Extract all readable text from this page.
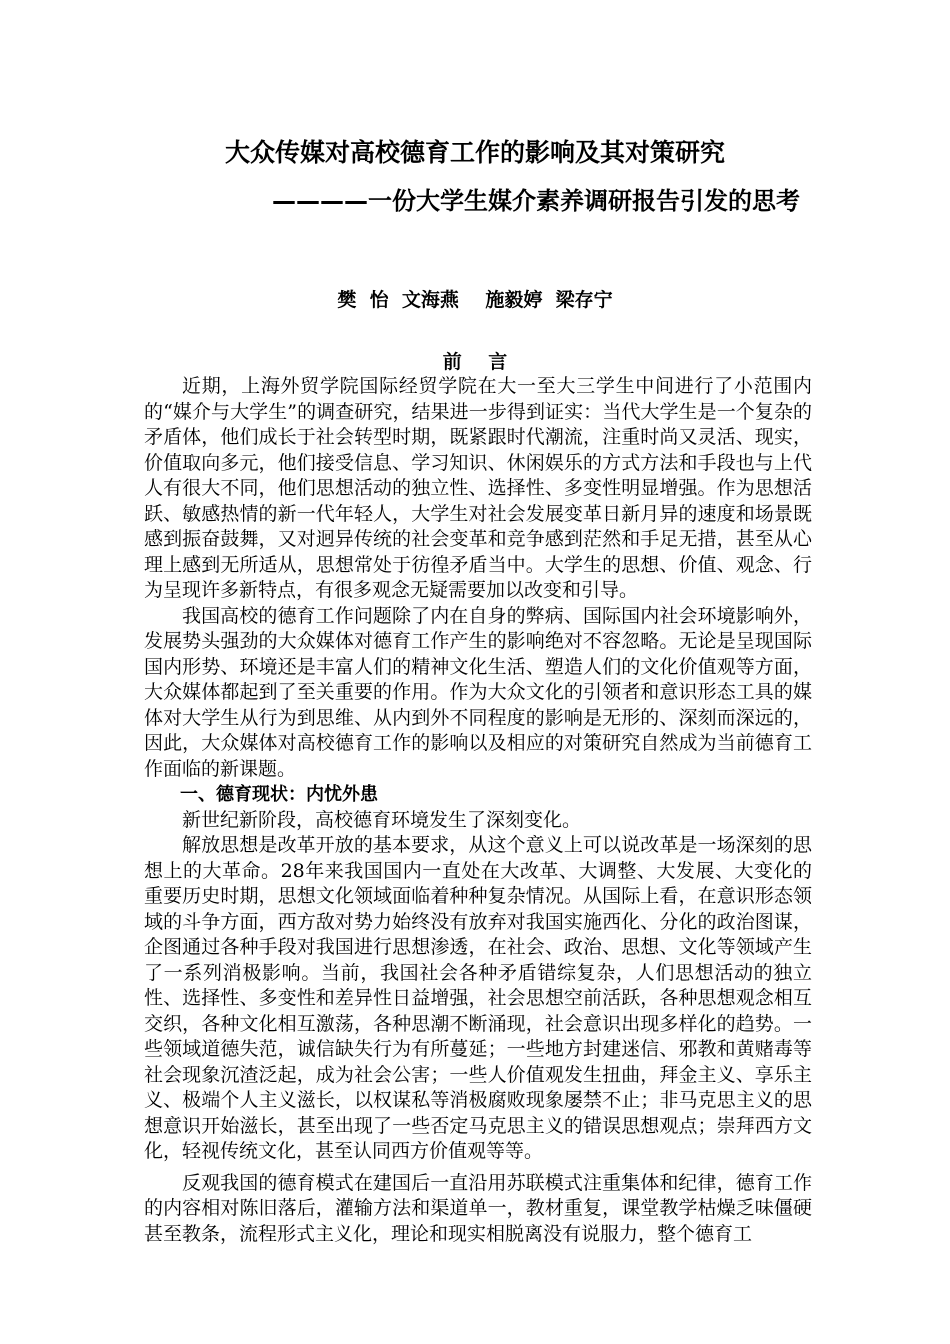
大众传媒对高校德育工作的影响及其对策研究
————一份大学生媒介素养调研报告引发的思考
樊  怡  文海燕    施毅婷  梁存宁
前    言

近期，上海外贸学院国际经贸学院在大一至大三学生中间进行了小范围内的“媒介与大学生”的调查研究，结果进一步得到证实：当代大学生是一个复杂的矛盾体，他们成长于社会转型时期，既紧跟时代潮流，注重时尚又灵活、现实，价值取向多元，他们接受信息、学习知识、休闲娱乐的方式方法和手段也与上代人有很大不同，他们思想活动的独立性、选择性、多变性明显增强。作为思想活跃、敏感热情的新一代年轻人，大学生对社会发展变革日新月异的速度和场景既感到振奋鼓舞，又对迥异传统的社会变革和竞争感到茫然和手足无措，甚至从心理上感到无所适从，思想常处于彷徨矛盾当中。大学生的思想、价值、观念、行为呈现许多新特点，有很多观念无疑需要加以改变和引导。

我国高校的德育工作问题除了内在自身的弊病、国际国内社会环境影响外，发展势头强劲的大众媒体对德育工作产生的影响绝对不容忽略。无论是呈现国际国内形势、环境还是丰富人们的精神文化生活、塑造人们的文化价值观等方面，大众媒体都起到了至关重要的作用。作为大众文化的引领者和意识形态工具的媒体对大学生从行为到思维、从内到外不同程度的影响是无形的、深刻而深远的，因此，大众媒体对高校德育工作的影响以及相应的对策研究自然成为当前德育工作面临的新课题。

一、德育现状：内忧外患

新世纪新阶段，高校德育环境发生了深刻变化。

解放思想是改革开放的基本要求，从这个意义上可以说改革是一场深刻的思想上的大革命。28年来我国国内一直处在大改革、大调整、大发展、大变化的重要历史时期，思想文化领域面临着种种复杂情况。从国际上看，在意识形态领域的斗争方面，西方敌对势力始终没有放弃对我国实施西化、分化的政治图谋，企图通过各种手段对我国进行思想渗透，在社会、政治、思想、文化等领域产生了一系列消极影响。当前，我国社会各种矛盾错综复杂，人们思想活动的独立性、选择性、多变性和差异性日益增强，社会思想空前活跃，各种思想观念相互交织，各种文化相互激荡，各种思潮不断涌现，社会意识出现多样化的趋势。一些领域道德失范，诚信缺失行为有所蔓延；一些地方封建迷信、邪教和黄赌毒等社会现象沉渣泛起，成为社会公害；一些人价值观发生扭曲，拜金主义、享乐主义、极端个人主义滋长，以权谋私等消极腐败现象屡禁不止；非马克思主义的思想意识开始滋长，甚至出现了一些否定马克思主义的错误思想观点；崇拜西方文化，轻视传统文化，甚至认同西方价值观等等。

反观我国的德育模式在建国后一直沿用苏联模式注重集体和纪律，德育工作的内容相对陈旧落后，灌输方法和渠道单一，教材重复，课堂教学枯燥乏味僵硬甚至教条，流程形式主义化，理论和现实相脱离没有说服力，整个德育工
